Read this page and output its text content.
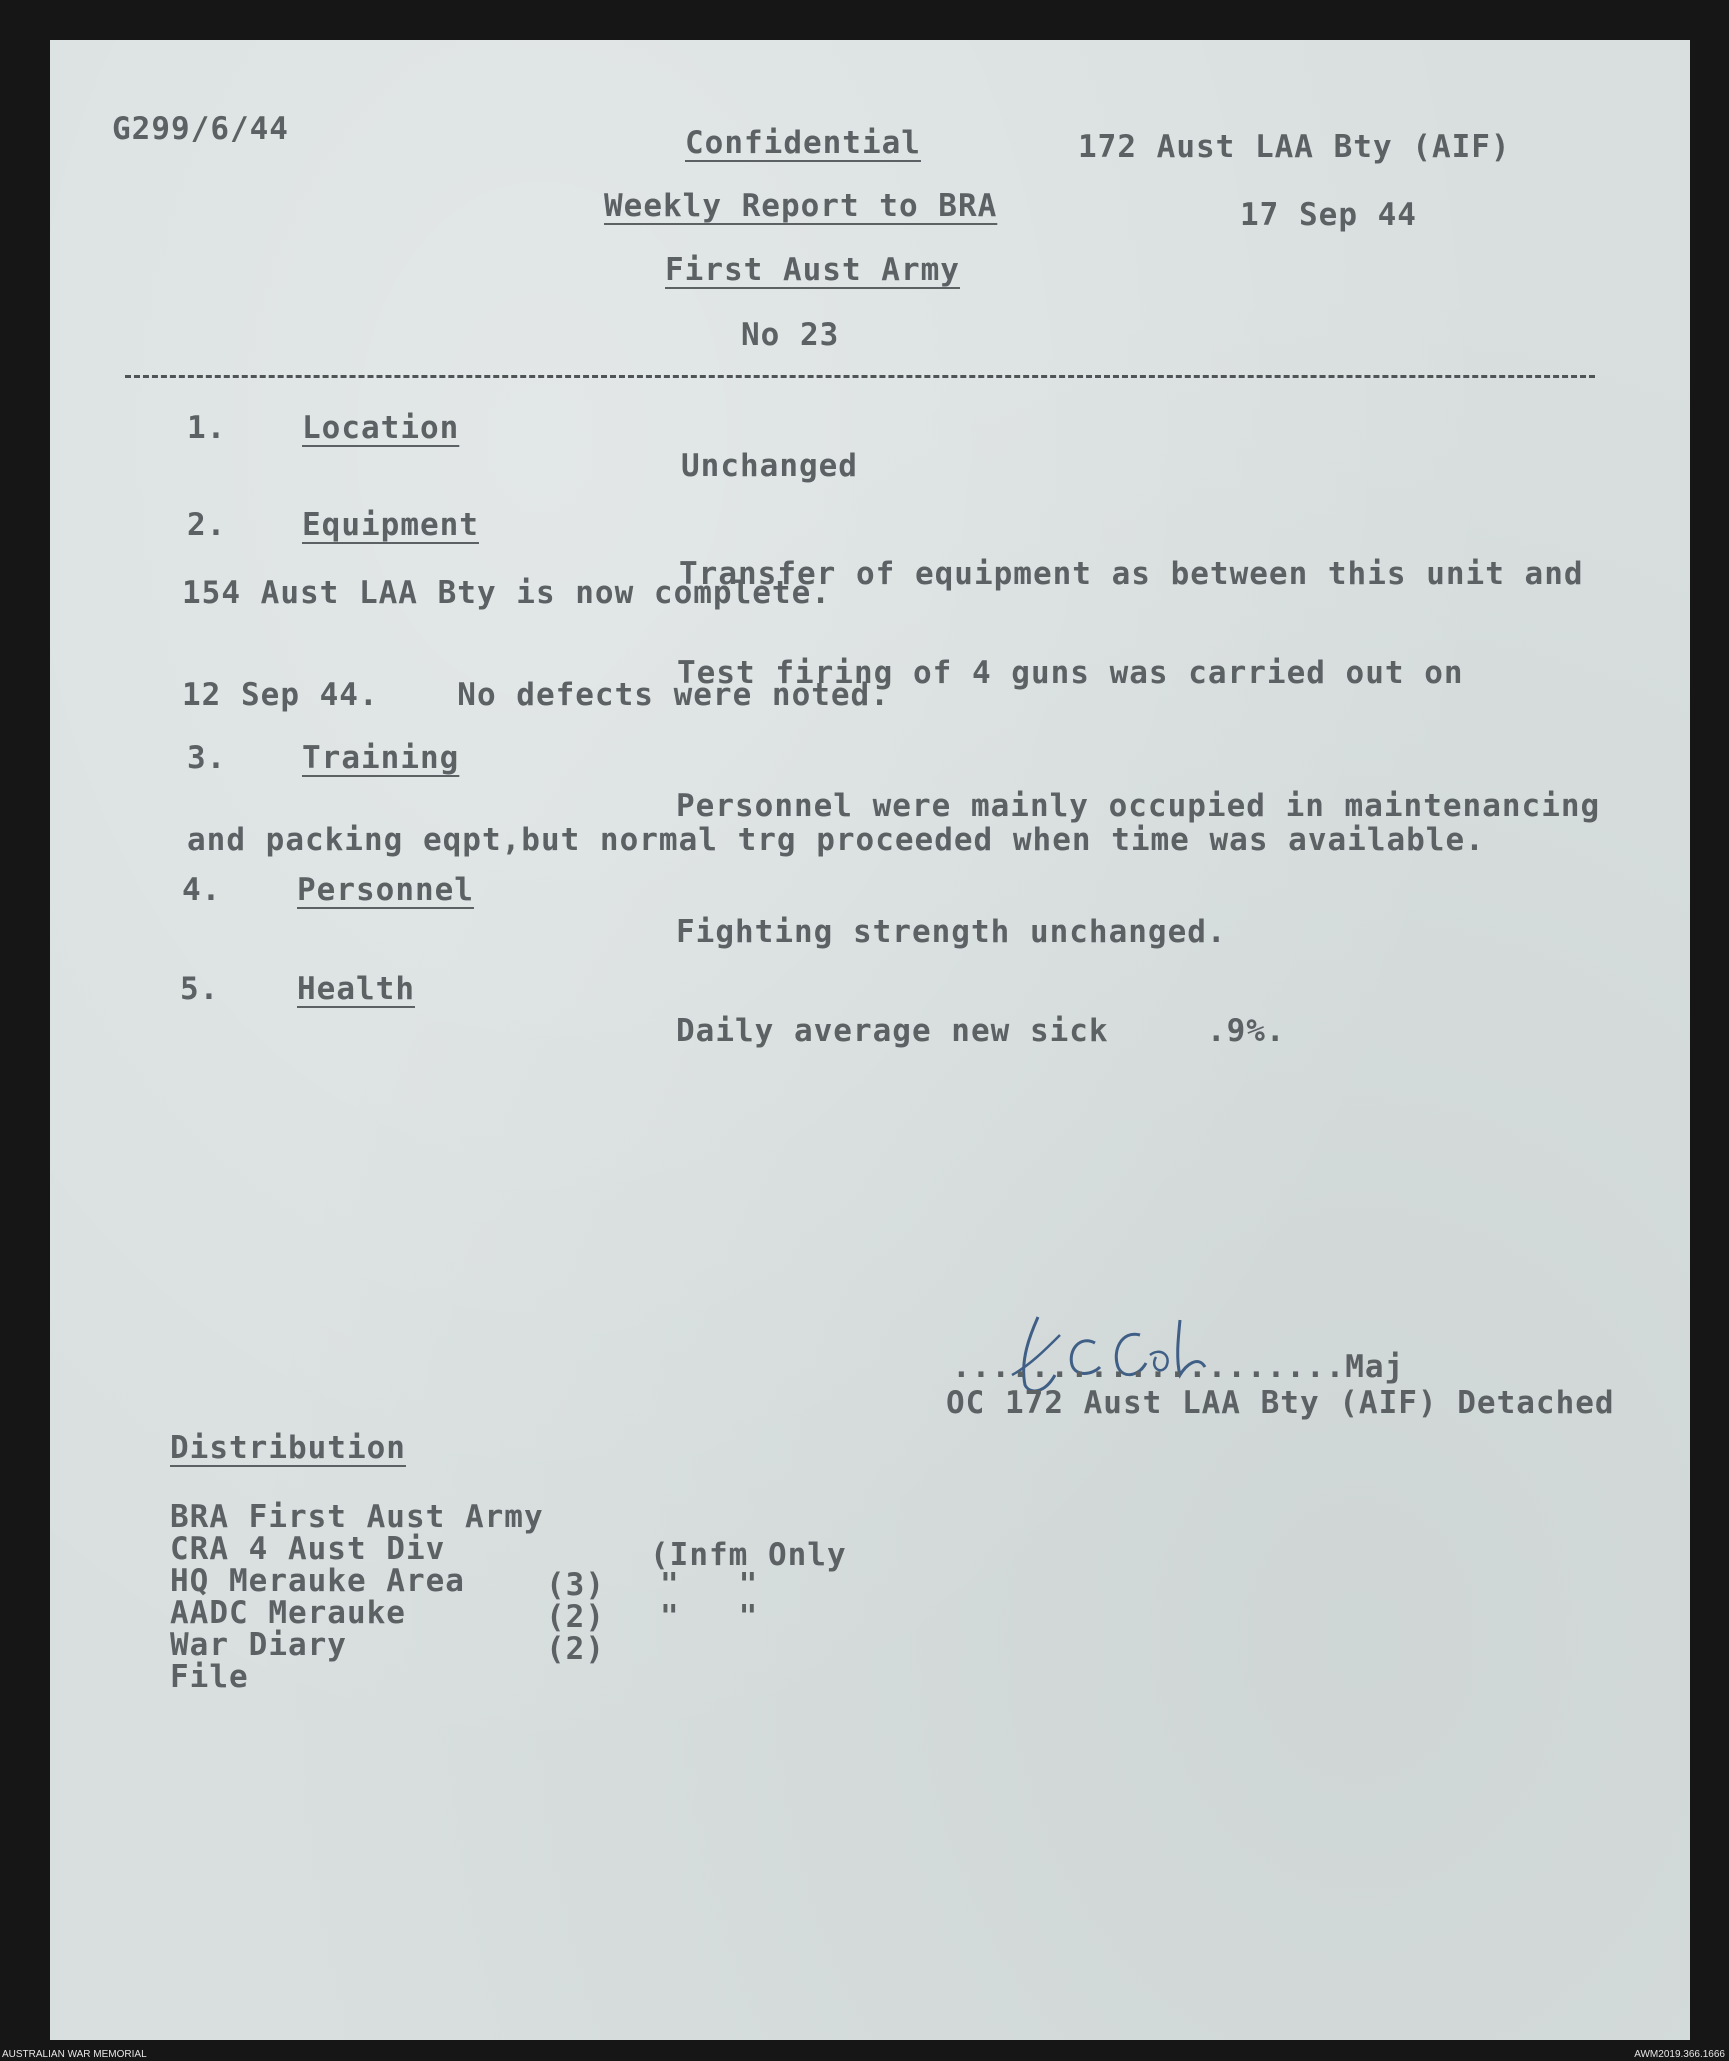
G299/6/44	Confidential
Weekly Report to BRA
First Aust Army
No 23
172 Aust LAA Bty (AIF)
17 Sep 44
1. Location
Unchanged
2. Equipment
Transfer of equipment as between this unit and
154 Aust LAA Bty is now complete.
Test firing of 4 guns was carried out on
12 Sep 44.    No defects were noted.
3. Training
Personnel were mainly occupied in maintenancing
and packing eqpt,but normal trg proceeded when time was available.
4. Personnel
Fighting strength unchanged.
5.	Health
Daily average new sick     .9%.
....................Maj
OC 172 Aust LAA Bty (AIF) Detached
Distribution
BRA First Aust Army
CRA 4 Aust Div	(Infm Only
HQ Merauke Area	(3) "   "
AADC Merauke	(2) "   "
War Diary	(2)
File
AUSTRALIAN WAR MEMORIAL	AWM2019.366.1666
